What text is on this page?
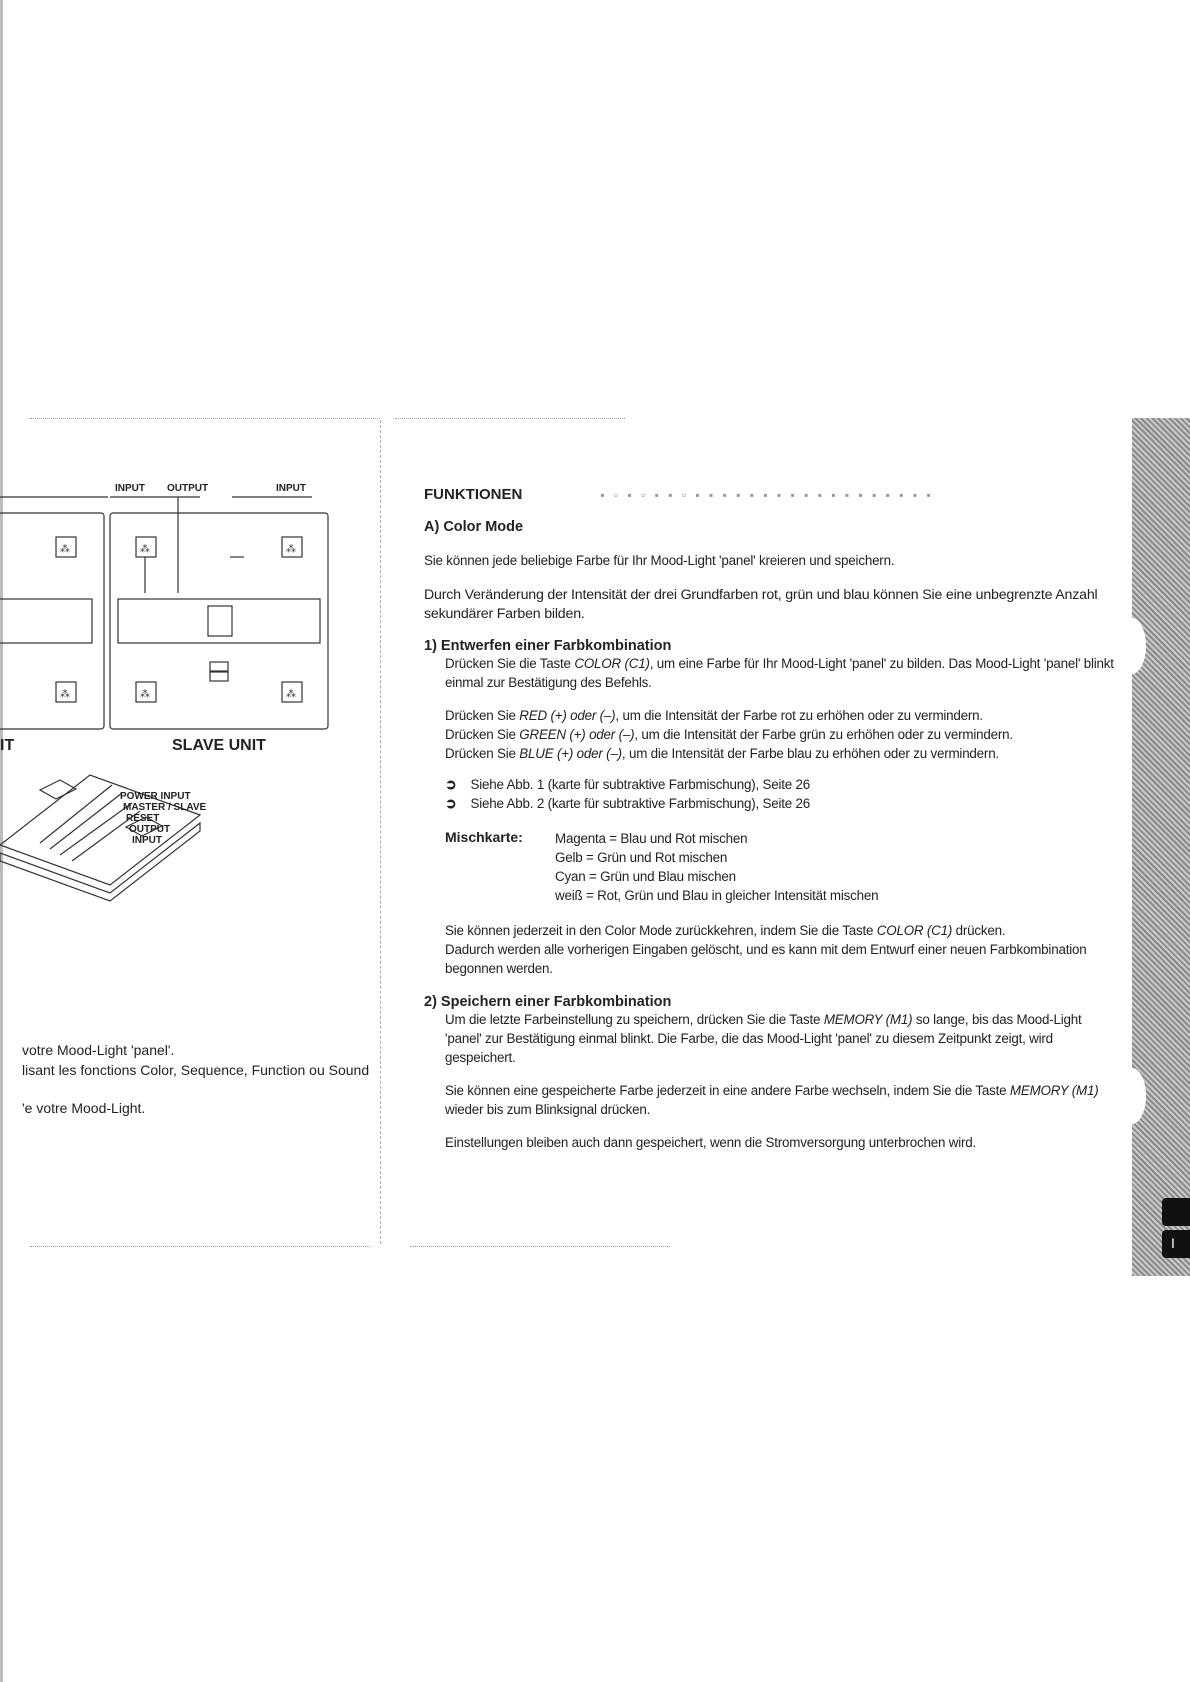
INPUT OUTPUT	INPUT
⁂
⁂
⁂	⁂
⁂	⁂
IT	SLAVE UNIT
POWER INPUT
MASTER / SLAVE
RESET
OUTPUT
INPUT
votre Mood-Light 'panel'.
lisant les fonctions Color, Sequence, Function ou Sound
'e votre Mood-Light.
FUNKTIONEN	▪︎ ▫︎ ▪︎ ▫︎ ▪︎ ▪︎ ▫︎ ▪︎ ▪︎ ▪︎ ▪︎ ▪︎ ▪︎ ▪︎ ▪︎ ▪︎ ▪︎ ▪︎ ▪︎ ▪︎ ▪︎ ▪︎ ▪︎ ▪︎ ▪︎
A) Color Mode
Sie können jede beliebige Farbe für Ihr Mood-Light 'panel' kreieren und speichern.
Durch Veränderung der Intensität der drei Grundfarben rot, grün und blau können Sie eine unbegrenzte Anzahl sekundärer Farben bilden.
1) Entwerfen einer Farbkombination
Drücken Sie die Taste COLOR (C1), um eine Farbe für Ihr Mood-Light 'panel' zu bilden. Das Mood-Light 'panel' blinkt einmal zur Bestätigung des Befehls.
Drücken Sie RED (+) oder (–), um die Intensität der Farbe rot zu erhöhen oder zu vermindern.
Drücken Sie GREEN (+) oder (–), um die Intensität der Farbe grün zu erhöhen oder zu vermindern.
Drücken Sie BLUE (+) oder (–), um die Intensität der Farbe blau zu erhöhen oder zu vermindern.
➲ Siehe Abb. 1 (karte für subtraktive Farbmischung), Seite 26
➲ Siehe Abb. 2 (karte für subtraktive Farbmischung), Seite 26
Mischkarte:	Magenta = Blau und Rot mischen
Gelb = Grün und Rot mischen
Cyan = Grün und Blau mischen
weiß = Rot, Grün und Blau in gleicher Intensität mischen
Sie können jederzeit in den Color Mode zurückkehren, indem Sie die Taste COLOR (C1) drücken.
Dadurch werden alle vorherigen Eingaben gelöscht, und es kann mit dem Entwurf einer neuen Farbkombination begonnen werden.
2) Speichern einer Farbkombination
Um die letzte Farbeinstellung zu speichern, drücken Sie die Taste MEMORY (M1) so lange, bis das Mood-Light 'panel' zur Bestätigung einmal blinkt. Die Farbe, die das Mood-Light 'panel' zu diesem Zeitpunkt zeigt, wird gespeichert.
Sie können eine gespeicherte Farbe jederzeit in eine andere Farbe wechseln, indem Sie die Taste MEMORY (M1) wieder bis zum Blinksignal drücken.
Einstellungen bleiben auch dann gespeichert, wenn die Stromversorgung unterbrochen wird.
I
